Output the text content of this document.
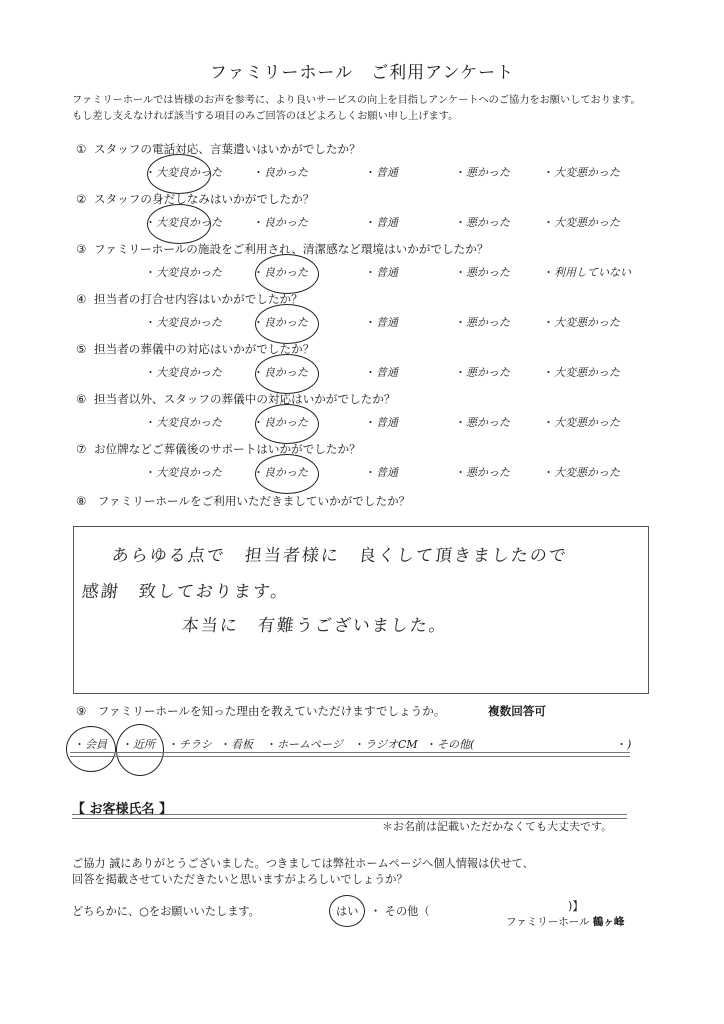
ファミリーホール　ご利用アンケート
ファミリーホールでは皆様のお声を参考に、より良いサービスの向上を目指しアンケートへのご協力をお願いしております。
もし差し支えなければ該当する項目のみご回答のほどよろしくお願い申し上げます。
① スタッフの電話対応、言葉遣いはいかがでしたか？
・ 大変良かった	・ 良かった	・ 普通	・ 悪かった	・ 大変悪かった
② スタッフの身だしなみはいかがでしたか？
・ 大変良かった	・ 良かった	・ 普通	・ 悪かった	・ 大変悪かった
③ ファミリーホールの施設をご利用され、清潔感など環境はいかがでしたか？
・ 大変良かった	・ 良かった	・ 普通	・ 悪かった	・ 利用していない
④ 担当者の打合せ内容はいかがでしたか？
・ 大変良かった	・ 良かった	・ 普通	・ 悪かった	・ 大変悪かった
⑤ 担当者の葬儀中の対応はいかがでしたか？
・ 大変良かった	・ 良かった	・ 普通	・ 悪かった	・ 大変悪かった
⑥ 担当者以外、スタッフの葬儀中の対応はいかがでしたか？
・ 大変良かった	・ 良かった	・ 普通	・ 悪かった	・ 大変悪かった
⑦ お位牌などご葬儀後のサポートはいかがでしたか？
・ 大変良かった	・ 良かった	・ 普通	・ 悪かった	・ 大変悪かった
⑧ ファミリーホールをご利用いただきましていかがでしたか？
あらゆる点で　担当者様に　良くして頂きましたので
感謝　致しております。
本当に　有難うございました。
⑨ ファミリーホールを知った理由を教えていただけますでしょうか。	複数回答可
・ 会員	・ 近所	・ チラシ	・ 看板	・ ホームページ	・ ラジオCM	・ その他(	・ )
【 お客様氏名 】
＊お名前は記載いただかなくても大丈夫です。
ご協力 誠にありがとうございました。つきましては弊社ホームページへ個人情報は伏せて、
回答を掲載させていただきたいと思いますがよろしいでしょうか？
どちらかに、○をお願いいたします。	はい ・ その他（	)】
ファミリーホール 鶴ヶ峰
